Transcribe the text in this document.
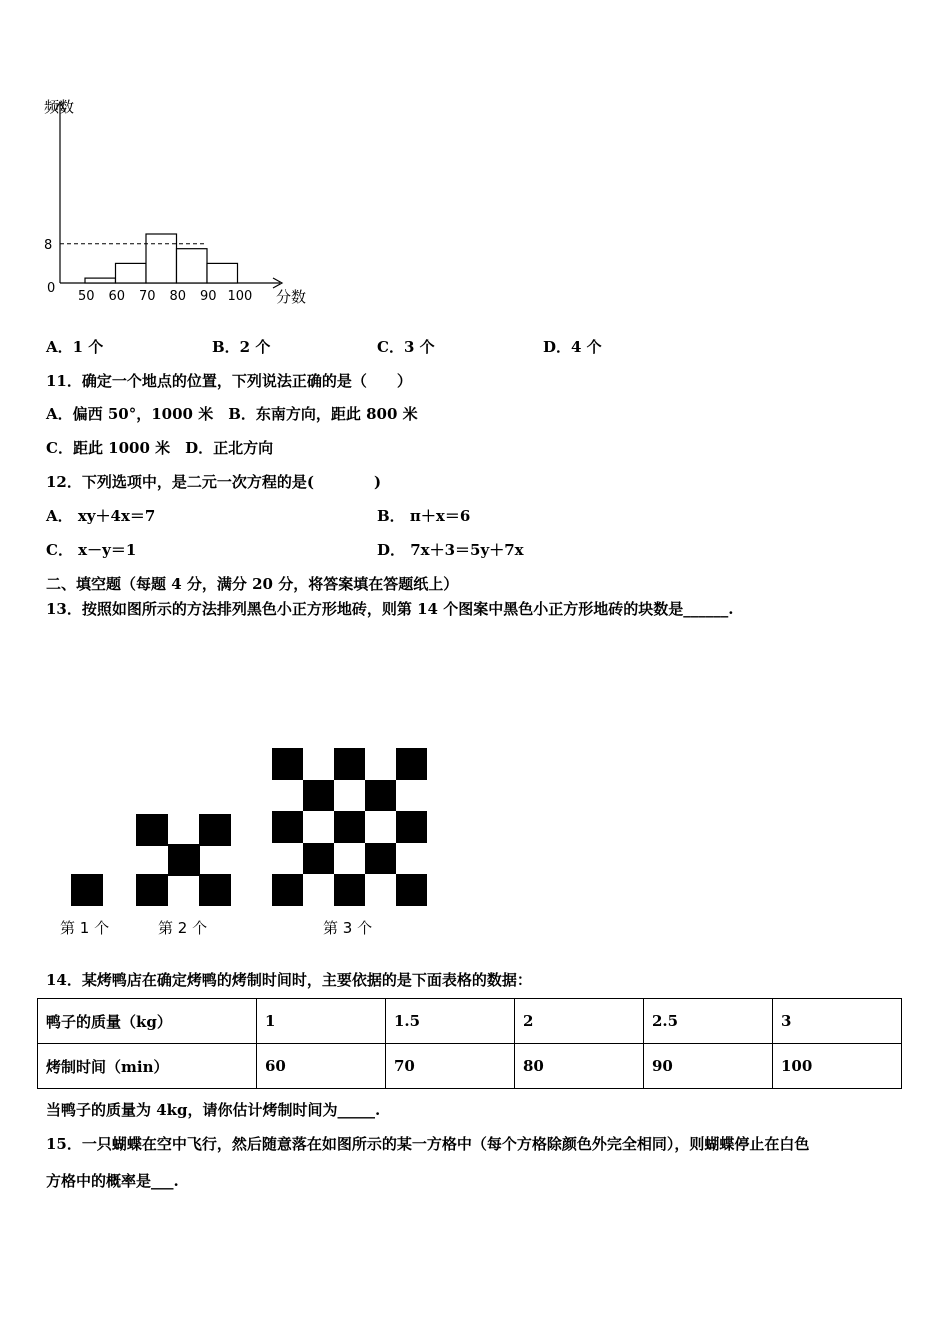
频数
分数
0
8
50 60 70 80 90 100
A．1 个	B．2 个	C．3 个	D．4 个
11．确定一个地点的位置，下列说法正确的是（　　）
A．偏西 50°，1000 米　B．东南方向，距此 800 米
C．距此 1000 米　D．正北方向
12．下列选项中，是二元一次方程的是(　　　　)
A． xy＋4x＝7	B． π＋x＝6
C． x－y＝1	D． 7x＋3＝5y＋7x
二、填空题（每题 4 分，满分 20 分，将答案填在答题纸上）
13．按照如图所示的方法排列黑色小正方形地砖，则第 14 个图案中黑色小正方形地砖的块数是______.
第 1 个	第 2 个	第 3 个
14．某烤鸭店在确定烤鸭的烤制时间时，主要依据的是下面表格的数据：
鸭子的质量（kg）	1	1.5	2	2.5	3
烤制时间（min）	60	70	80	90	100
当鸭子的质量为 4kg，请你估计烤制时间为_____.
15．一只蝴蝶在空中飞行，然后随意落在如图所示的某一方格中（每个方格除颜色外完全相同），则蝴蝶停止在白色
方格中的概率是___.
